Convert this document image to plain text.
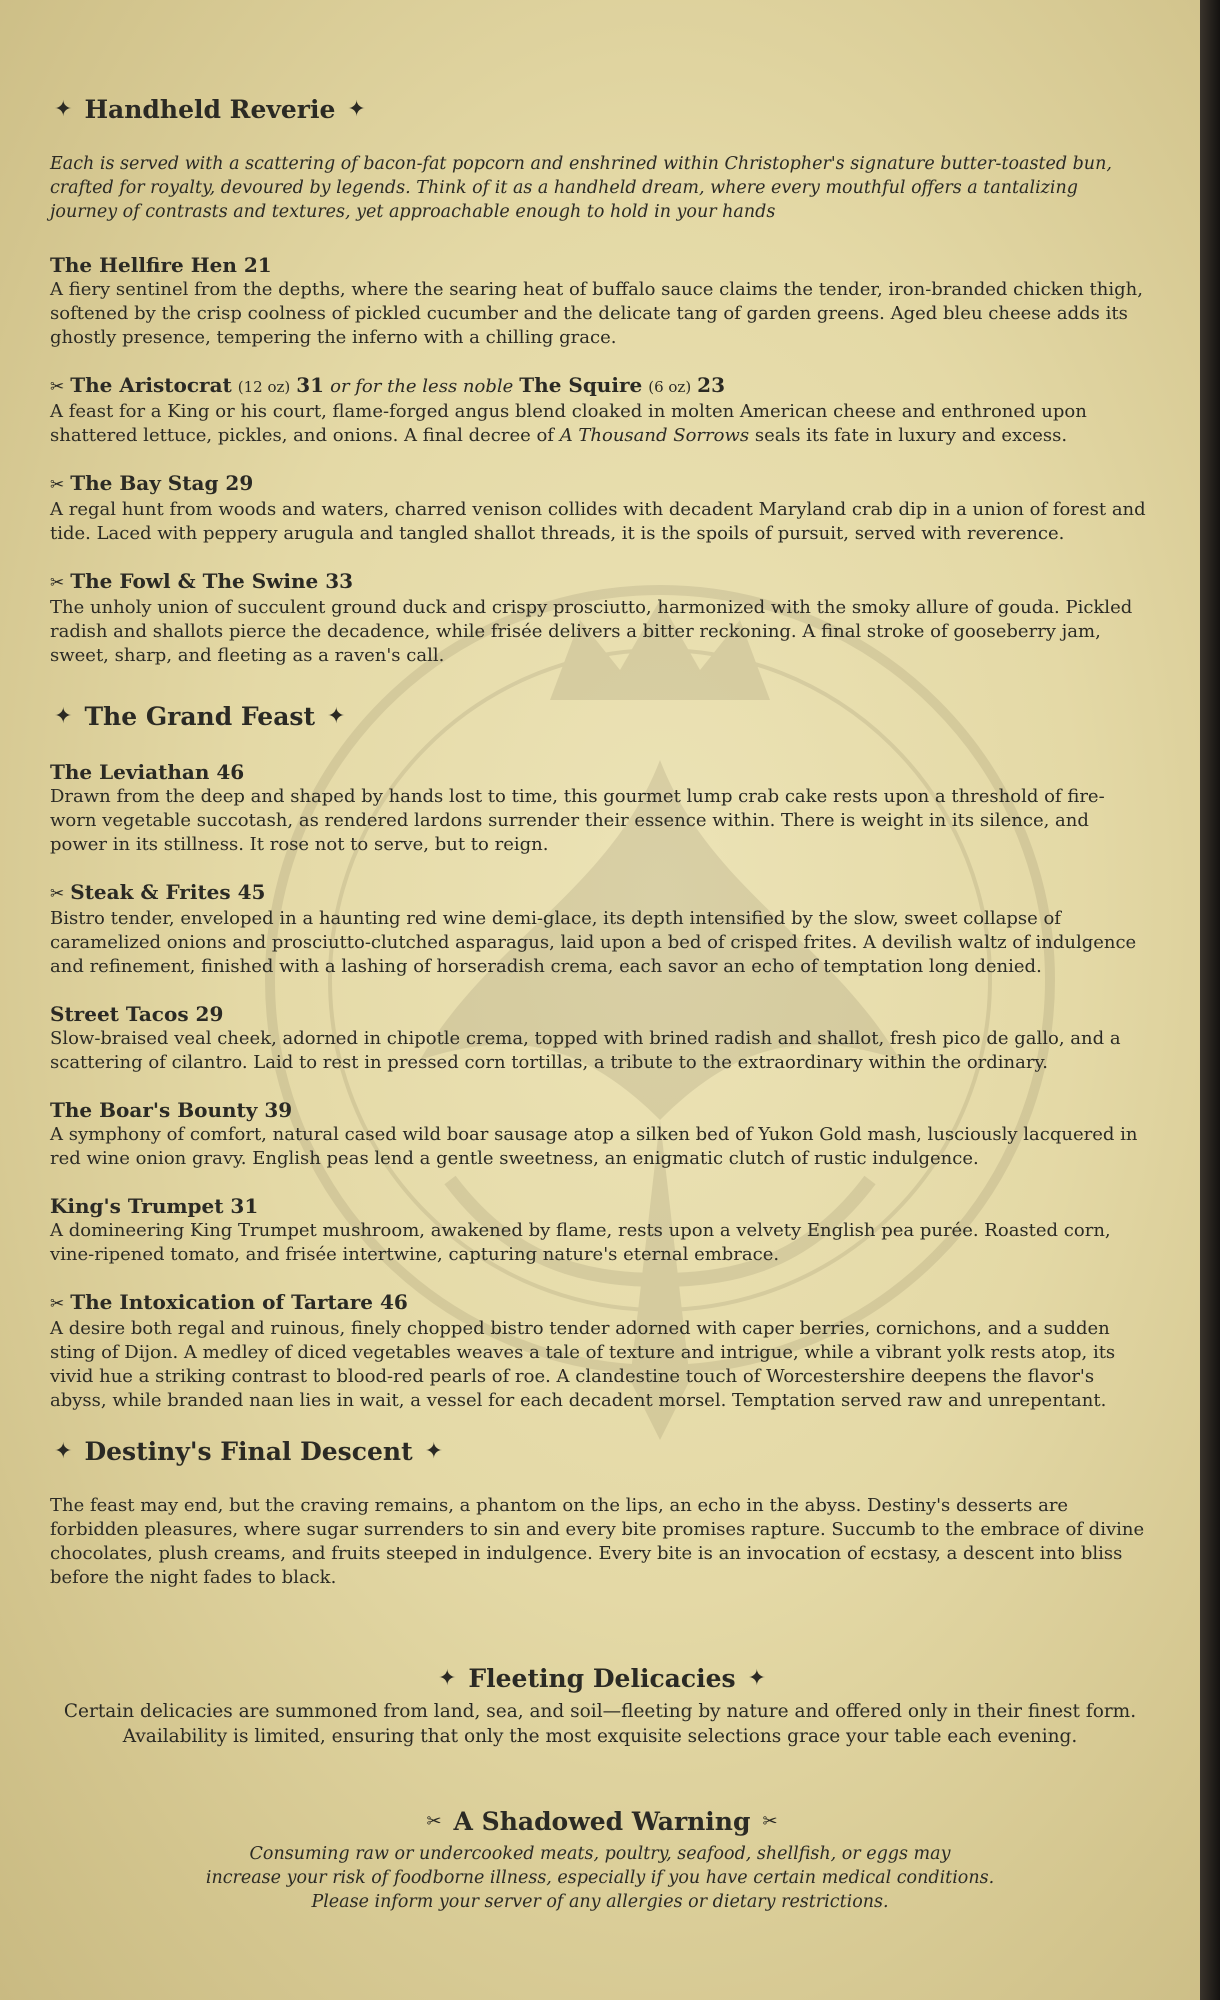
✦ Handheld Reverie ✦
Each is served with a scattering of bacon-fat popcorn and enshrined within Christopher's signature butter-toasted bun, crafted for royalty, devoured by legends. Think of it as a handheld dream, where every mouthful offers a tantalizing journey of contrasts and textures, yet approachable enough to hold in your hands
The Hellfire Hen 21
A fiery sentinel from the depths, where the searing heat of buffalo sauce claims the tender, iron-branded chicken thigh, softened by the crisp coolness of pickled cucumber and the delicate tang of garden greens. Aged bleu cheese adds its ghostly presence, tempering the inferno with a chilling grace.
✂ The Aristocrat (12 oz) 31 or for the less noble The Squire (6 oz) 23
A feast for a King or his court, flame-forged angus blend cloaked in molten American cheese and enthroned upon shattered lettuce, pickles, and onions. A final decree of A Thousand Sorrows seals its fate in luxury and excess.
✂ The Bay Stag 29
A regal hunt from woods and waters, charred venison collides with decadent Maryland crab dip in a union of forest and tide. Laced with peppery arugula and tangled shallot threads, it is the spoils of pursuit, served with reverence.
✂ The Fowl & The Swine 33
The unholy union of succulent ground duck and crispy prosciutto, harmonized with the smoky allure of gouda. Pickled radish and shallots pierce the decadence, while frisée delivers a bitter reckoning. A final stroke of gooseberry jam, sweet, sharp, and fleeting as a raven's call.
✦ The Grand Feast ✦
The Leviathan 46
Drawn from the deep and shaped by hands lost to time, this gourmet lump crab cake rests upon a threshold of fire-worn vegetable succotash, as rendered lardons surrender their essence within. There is weight in its silence, and power in its stillness. It rose not to serve, but to reign.
✂ Steak & Frites 45
Bistro tender, enveloped in a haunting red wine demi-glace, its depth intensified by the slow, sweet collapse of caramelized onions and prosciutto-clutched asparagus, laid upon a bed of crisped frites. A devilish waltz of indulgence and refinement, finished with a lashing of horseradish crema, each savor an echo of temptation long denied.
Street Tacos 29
Slow-braised veal cheek, adorned in chipotle crema, topped with brined radish and shallot, fresh pico de gallo, and a scattering of cilantro. Laid to rest in pressed corn tortillas, a tribute to the extraordinary within the ordinary.
The Boar's Bounty 39
A symphony of comfort, natural cased wild boar sausage atop a silken bed of Yukon Gold mash, lusciously lacquered in red wine onion gravy. English peas lend a gentle sweetness, an enigmatic clutch of rustic indulgence.
King's Trumpet 31
A domineering King Trumpet mushroom, awakened by flame, rests upon a velvety English pea purée. Roasted corn, vine-ripened tomato, and frisée intertwine, capturing nature's eternal embrace.
✂ The Intoxication of Tartare 46
A desire both regal and ruinous, finely chopped bistro tender adorned with caper berries, cornichons, and a sudden sting of Dijon. A medley of diced vegetables weaves a tale of texture and intrigue, while a vibrant yolk rests atop, its vivid hue a striking contrast to blood-red pearls of roe. A clandestine touch of Worcestershire deepens the flavor's abyss, while branded naan lies in wait, a vessel for each decadent morsel. Temptation served raw and unrepentant.
✦ Destiny's Final Descent ✦
The feast may end, but the craving remains, a phantom on the lips, an echo in the abyss. Destiny's desserts are forbidden pleasures, where sugar surrenders to sin and every bite promises rapture. Succumb to the embrace of divine chocolates, plush creams, and fruits steeped in indulgence. Every bite is an invocation of ecstasy, a descent into bliss before the night fades to black.
✦ Fleeting Delicacies ✦
Certain delicacies are summoned from land, sea, and soil—fleeting by nature and offered only in their finest form.
Availability is limited, ensuring that only the most exquisite selections grace your table each evening.
✂ A Shadowed Warning ✂
Consuming raw or undercooked meats, poultry, seafood, shellfish, or eggs may
increase your risk of foodborne illness, especially if you have certain medical conditions.
Please inform your server of any allergies or dietary restrictions.
